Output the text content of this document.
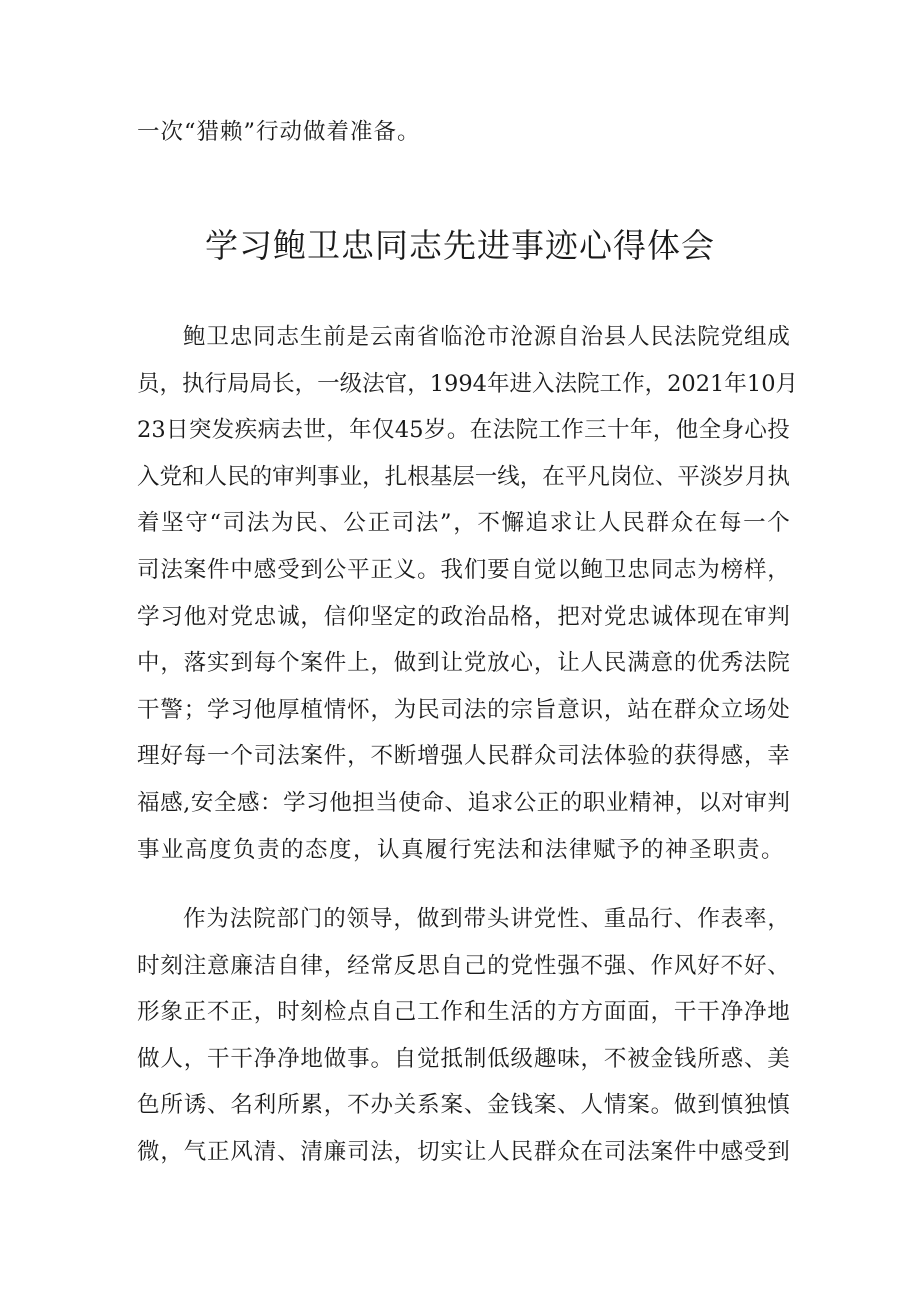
一次“猎赖”行动做着准备。
学习鲍卫忠同志先进事迹心得体会
鲍 卫 忠 同 志 生 前 是 云 南 省 临 沧 市 沧 源 自 治 县 人 民 法 院 党 组 成
员 ， 执 行 局 局 长 ， 一 级 法 官 ， 1994 年 进 入 法 院 工 作 ， 2021 年 10 月
23 日 突 发 疾 病 去 世 ， 年 仅 45 岁 。 在 法 院 工 作 三 十 年 ， 他 全 身 心 投
入 党 和 人 民 的 审 判 事 业 ， 扎 根 基 层 一 线 ， 在 平 凡 岗 位 、 平 淡 岁 月 执
着 坚 守 “ 司 法 为 民 、 公 正 司 法 ” ， 不 懈 追 求 让 人 民 群 众 在 每 一 个
司 法 案 件 中 感 受 到 公 平 正 义 。 我 们 要 自 觉 以 鲍 卫 忠 同 志 为 榜 样 ，
学 习 他 对 党 忠 诚 ， 信 仰 坚 定 的 政 治 品 格 ， 把 对 党 忠 诚 体 现 在 审 判
中 ， 落 实 到 每 个 案 件 上 ， 做 到 让 党 放 心 ， 让 人 民 满 意 的 优 秀 法 院
干 警 ； 学 习 他 厚 植 情 怀 ， 为 民 司 法 的 宗 旨 意 识 ， 站 在 群 众 立 场 处
理 好 每 一 个 司 法 案 件 ， 不 断 增 强 人 民 群 众 司 法 体 验 的 获 得 感 ， 幸
福 感 , 安 全 感 ： 学 习 他 担 当 使 命 、 追 求 公 正 的 职 业 精 神 ， 以 对 审 判
事业高度负责的态度，认真履行宪法和法律赋予的神圣职责。
作 为 法 院 部 门 的 领 导 ， 做 到 带 头 讲 党 性 、 重 品 行 、 作 表 率 ，
时 刻 注 意 廉 洁 自 律 ， 经 常 反 思 自 己 的 党 性 强 不 强 、 作 风 好 不 好 、
形 象 正 不 正 ， 时 刻 检 点 自 己 工 作 和 生 活 的 方 方 面 面 ， 干 干 净 净 地
做 人 ， 干 干 净 净 地 做 事 。 自 觉 抵 制 低 级 趣 味 ， 不 被 金 钱 所 惑 、 美
色 所 诱 、 名 利 所 累 ， 不 办 关 系 案 、 金 钱 案 、 人 情 案 。 做 到 慎 独 慎
微 ， 气 正 风 清 、 清 廉 司 法 ， 切 实 让 人 民 群 众 在 司 法 案 件 中 感 受 到
